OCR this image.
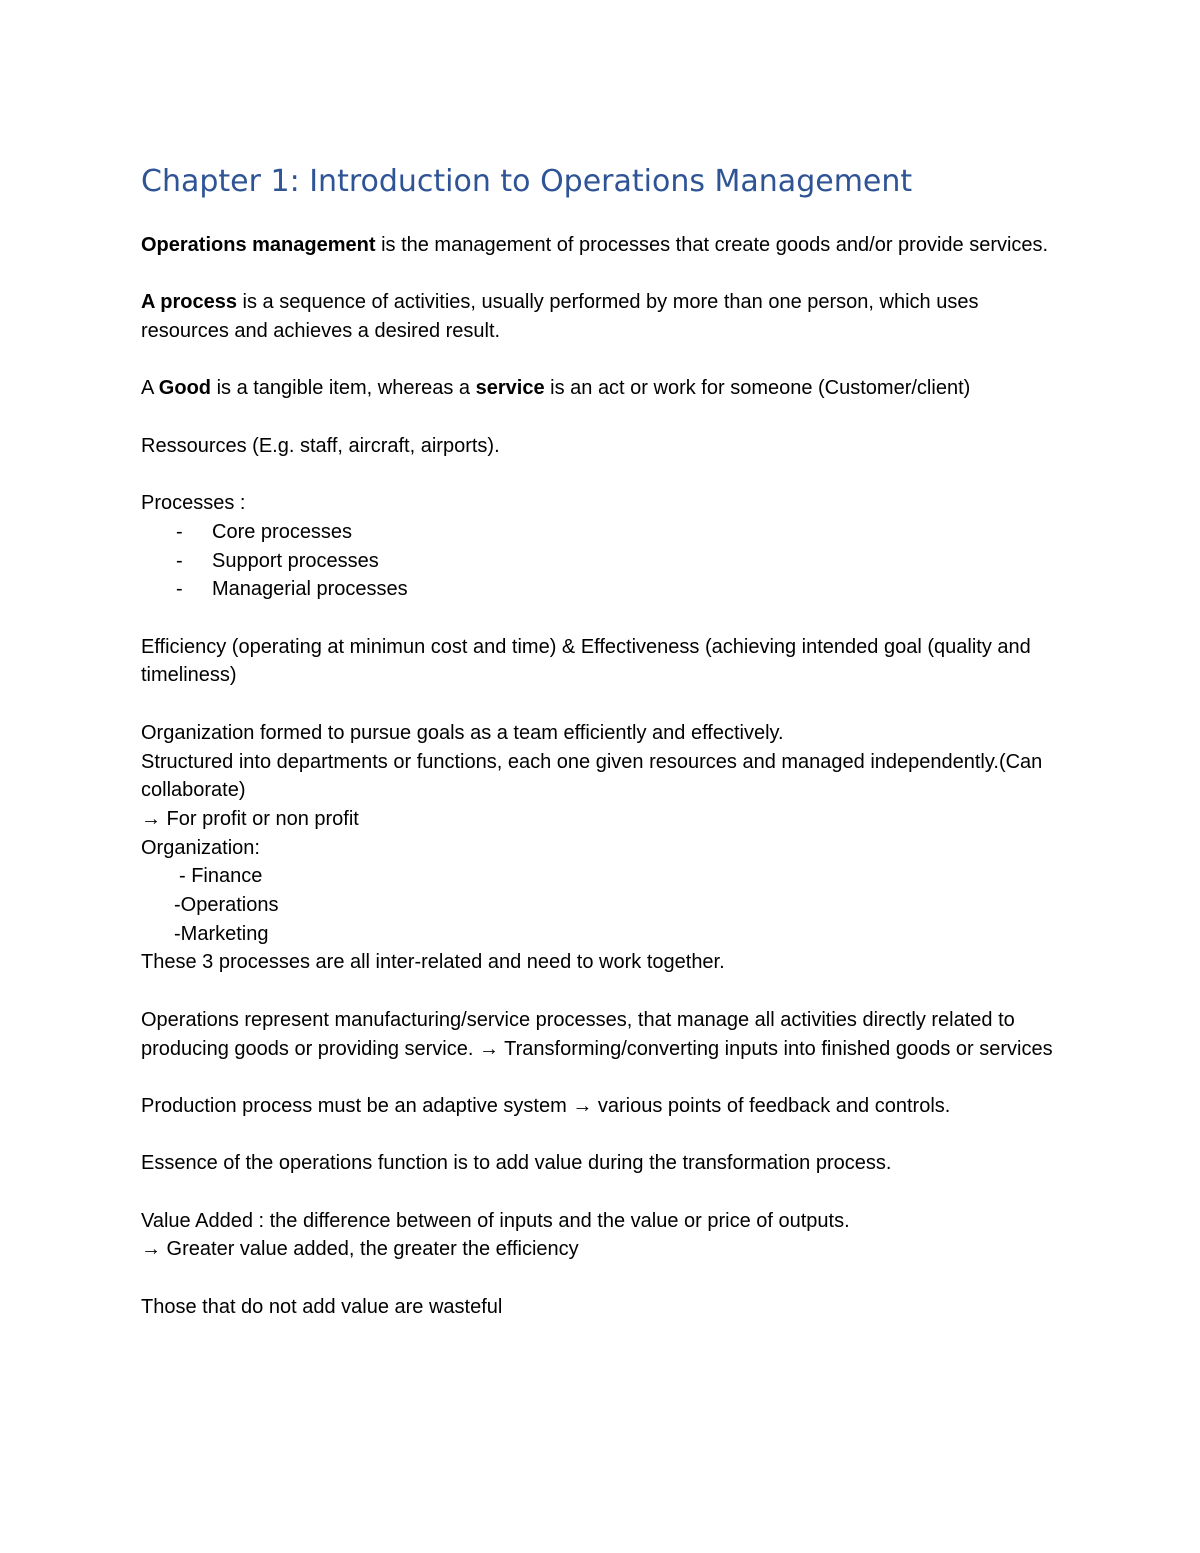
Chapter 1: Introduction to Operations Management

Operations management is the management of processes that create goods and/or provide services.

A process is a sequence of activities, usually performed by more than one person, which uses resources and achieves a desired result.

A Good is a tangible item, whereas a service is an act or work for someone (Customer/client)

Ressources (E.g. staff, aircraft, airports).

Processes :

-	Core processes
-	Support processes
-	Managerial processes

Efficiency (operating at minimun cost and time) & Effectiveness (achieving intended goal (quality and timeliness)

Organization formed to pursue goals as a team efficiently and effectively.

Structured into departments or functions, each one given resources and managed independently.(Can collaborate)

→ For profit or non profit

Organization:

- Finance

-Operations

-Marketing

These 3 processes are all inter-related and need to work together.

Operations represent manufacturing/service processes, that manage all activities directly related to producing goods or providing service. → Transforming/converting inputs into finished goods or services

Production process must be an adaptive system → various points of feedback and controls.

Essence of the operations function is to add value during the transformation process.

Value Added : the difference between of inputs and the value or price of outputs.

→ Greater value added, the greater the efficiency

Those that do not add value are wasteful
